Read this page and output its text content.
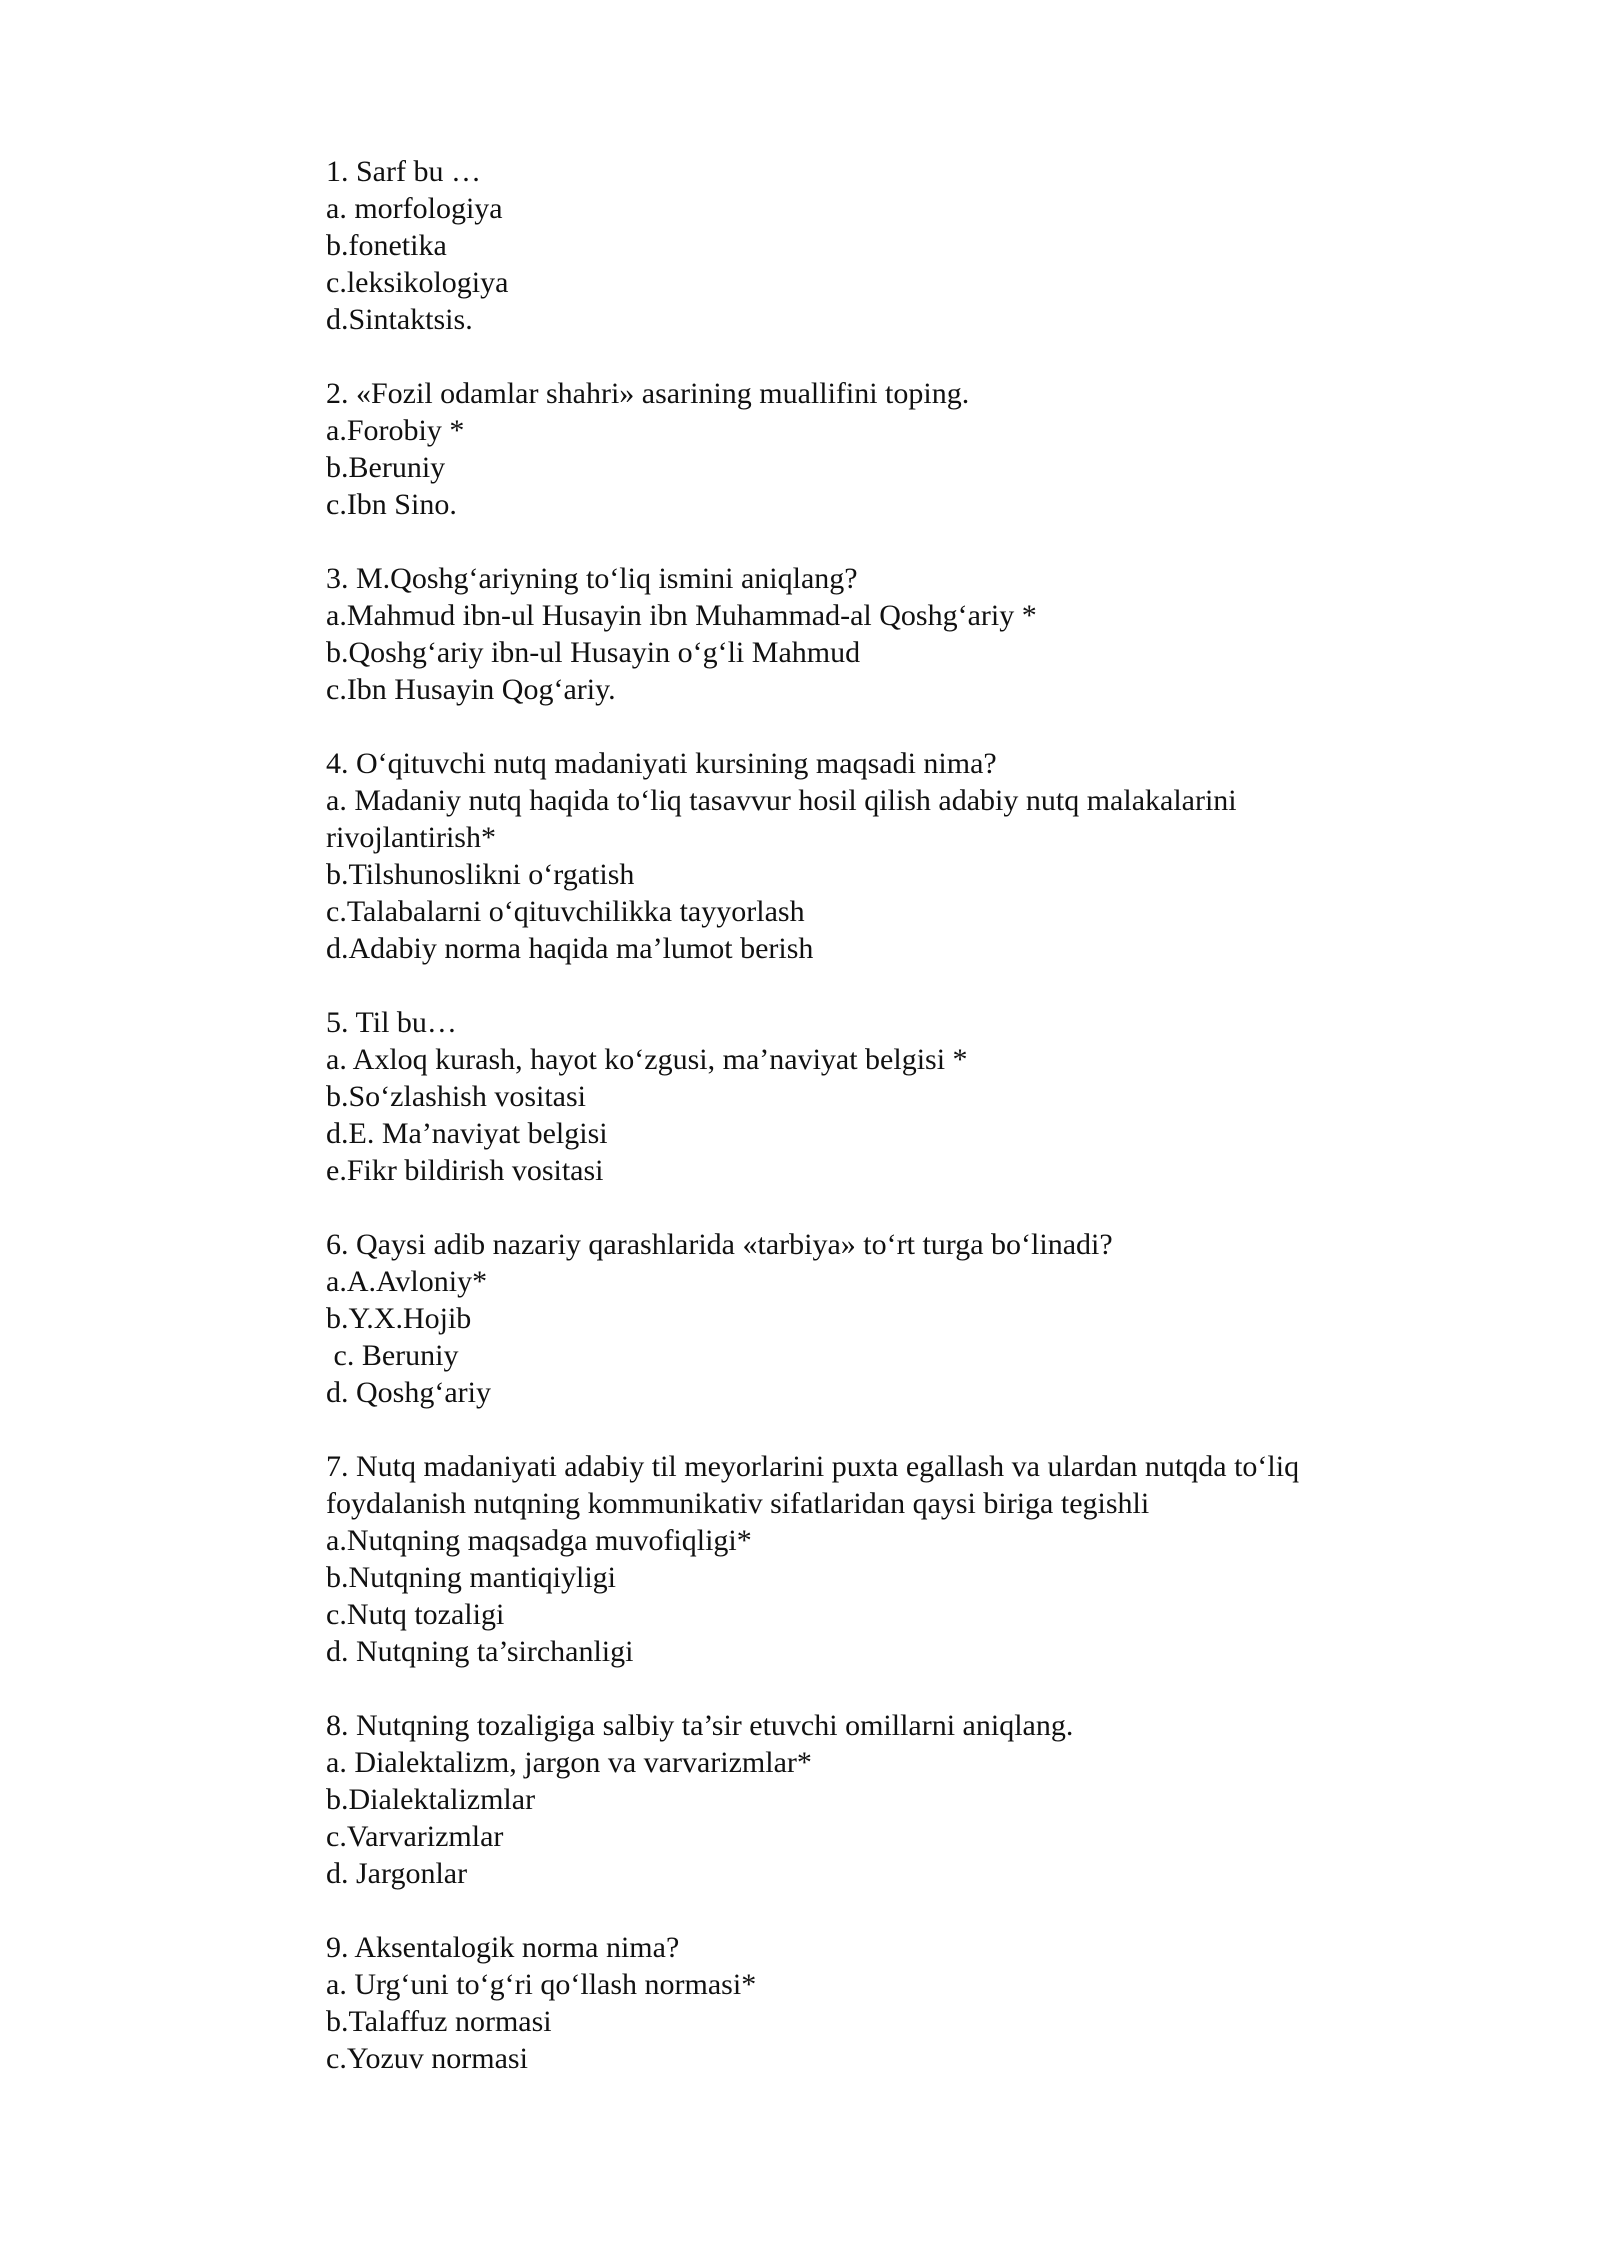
1. Sarf bu …
a. morfologiya
b.fonetika
c.leksikologiya
d.Sintaktsis.
2. «Fozil odamlar shahri» asarining muallifini toping.
a.Forobiy *
b.Beruniy
c.Ibn Sino.
3. M.Qoshg‘ariyning to‘liq ismini aniqlang?
a.Mahmud ibn-ul Husayin ibn Muhammad-al Qoshg‘ariy *
b.Qoshg‘ariy ibn-ul Husayin o‘g‘li Mahmud
c.Ibn Husayin Qog‘ariy.
4. O‘qituvchi nutq madaniyati kursining maqsadi nima?
a. Madaniy nutq haqida to‘liq tasavvur hosil qilish adabiy nutq malakalarini rivojlantirish*
b.Tilshunoslikni o‘rgatish
c.Talabalarni o‘qituvchilikka tayyorlash
d.Adabiy norma haqida ma’lumot berish
5. Til bu…
a. Axloq kurash, hayot ko‘zgusi, ma’naviyat belgisi *
b.So‘zlashish vositasi
d.E. Ma’naviyat belgisi
e.Fikr bildirish vositasi
6. Qaysi adib nazariy qarashlarida «tarbiya» to‘rt turga bo‘linadi?
a.A.Avloniy*
b.Y.X.Hojib
c. Beruniy
d. Qoshg‘ariy
7. Nutq madaniyati adabiy til meyorlarini puxta egallash va ulardan nutqda to‘liq foydalanish nutqning kommunikativ sifatlaridan qaysi biriga tegishli
a.Nutqning maqsadga muvofiqligi*
b.Nutqning mantiqiyligi
c.Nutq tozaligi
d. Nutqning ta’sirchanligi
8. Nutqning tozaligiga salbiy ta’sir etuvchi omillarni aniqlang.
a. Dialektalizm, jargon va varvarizmlar*
b.Dialektalizmlar
c.Varvarizmlar
d. Jargonlar
9. Aksentalogik norma nima?
a. Urg‘uni to‘g‘ri qo‘llash normasi*
b.Talaffuz normasi
c.Yozuv normasi
